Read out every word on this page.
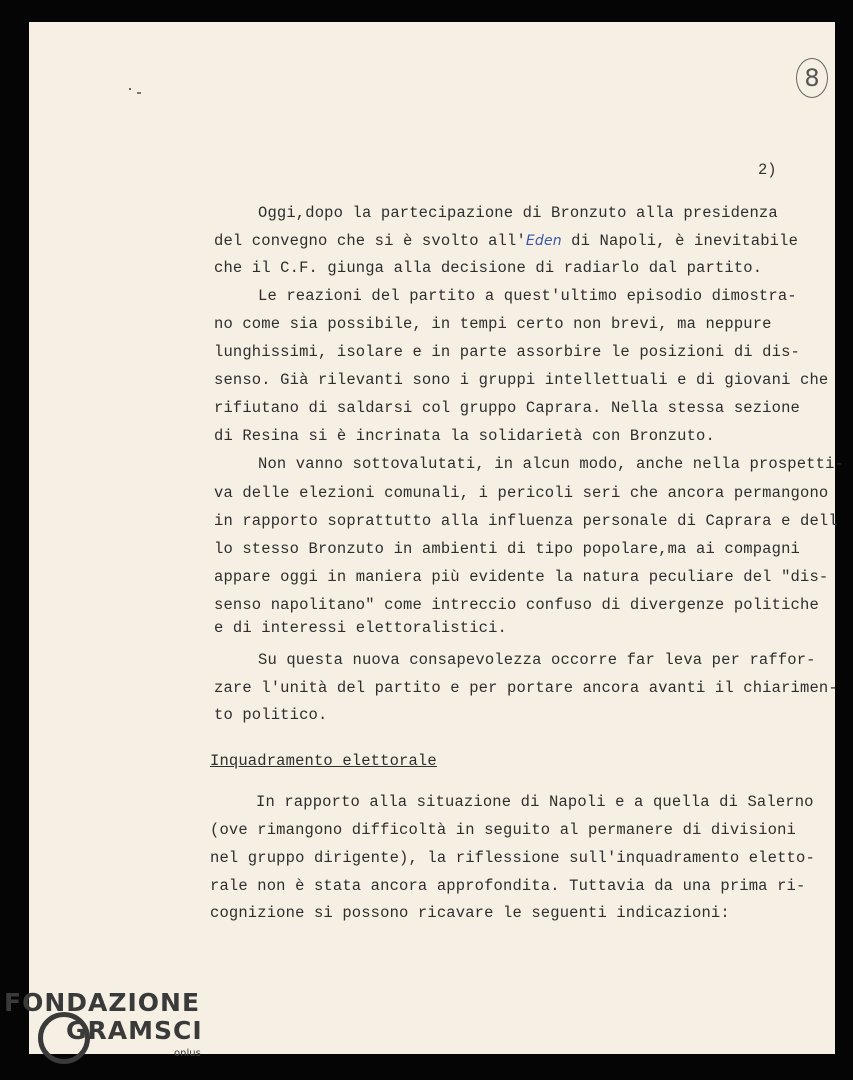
8
2)
Oggi,dopo la partecipazione di Bronzuto alla presidenza
del convegno che si è svolto all'Eden di Napoli, è inevitabile
che il C.F. giunga alla decisione di radiarlo dal partito.
Le reazioni del partito a quest'ultimo episodio dimostra-
no come sia possibile, in tempi certo non brevi, ma neppure
lunghissimi, isolare e in parte assorbire le posizioni di dis-
senso. Già rilevanti sono i gruppi intellettuali e di giovani che
rifiutano di saldarsi col gruppo Caprara. Nella stessa sezione
di Resina si è incrinata la solidarietà con Bronzuto.
Non vanno sottovalutati, in alcun modo, anche nella prospetti-
va delle elezioni comunali, i pericoli seri che ancora permangono
in rapporto soprattutto alla influenza personale di Caprara e dell
lo stesso Bronzuto in ambienti di tipo popolare,ma ai compagni
appare oggi in maniera più evidente la natura peculiare del "dis-
senso napolitano" come intreccio confuso di divergenze politiche
e di interessi elettoralistici.
Su questa nuova consapevolezza occorre far leva per raffor-
zare l'unità del partito e per portare ancora avanti il chiarimen-
to politico.
Inquadramento elettorale
In rapporto alla situazione di Napoli e a quella di Salerno
(ove rimangono difficoltà in seguito al permanere di divisioni
nel gruppo dirigente), la riflessione sull'inquadramento eletto-
rale non è stata ancora approfondita. Tuttavia da una prima ri-
cognizione si possono ricavare le seguenti indicazioni:
FONDAZIONE
GRAMSCI
onlus
